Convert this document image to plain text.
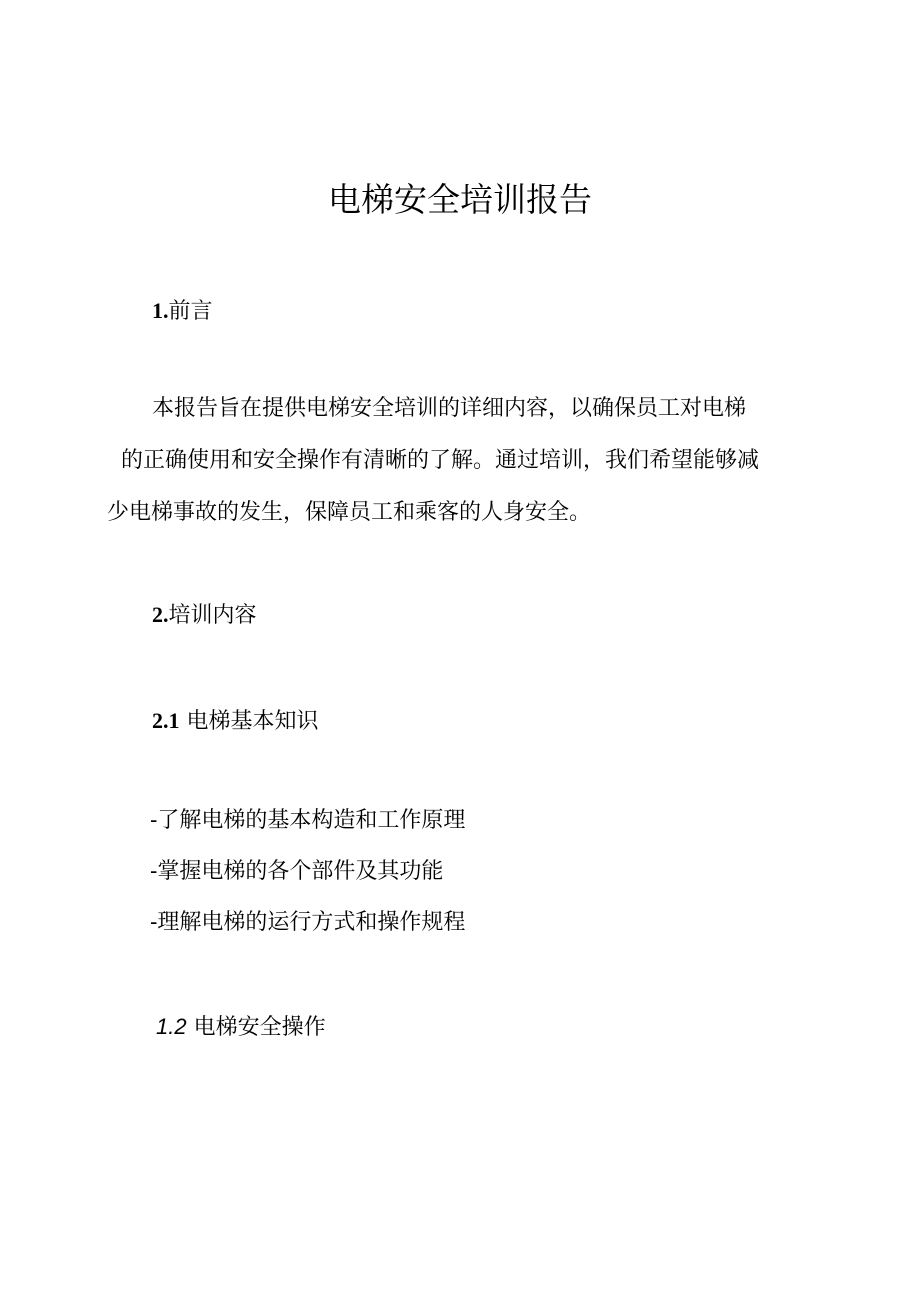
电梯安全培训报告
1.前言

本报告旨在提供电梯安全培训的详细内容，以确保员工对电梯

的正确使用和安全操作有清晰的了解。通过培训，我们希望能够减

少电梯事故的发生，保障员工和乘客的人身安全。

2.培训内容
2.1 电梯基本知识

-了解电梯的基本构造和工作原理

-掌握电梯的各个部件及其功能

-理解电梯的运行方式和操作规程

1.2 电梯安全操作
